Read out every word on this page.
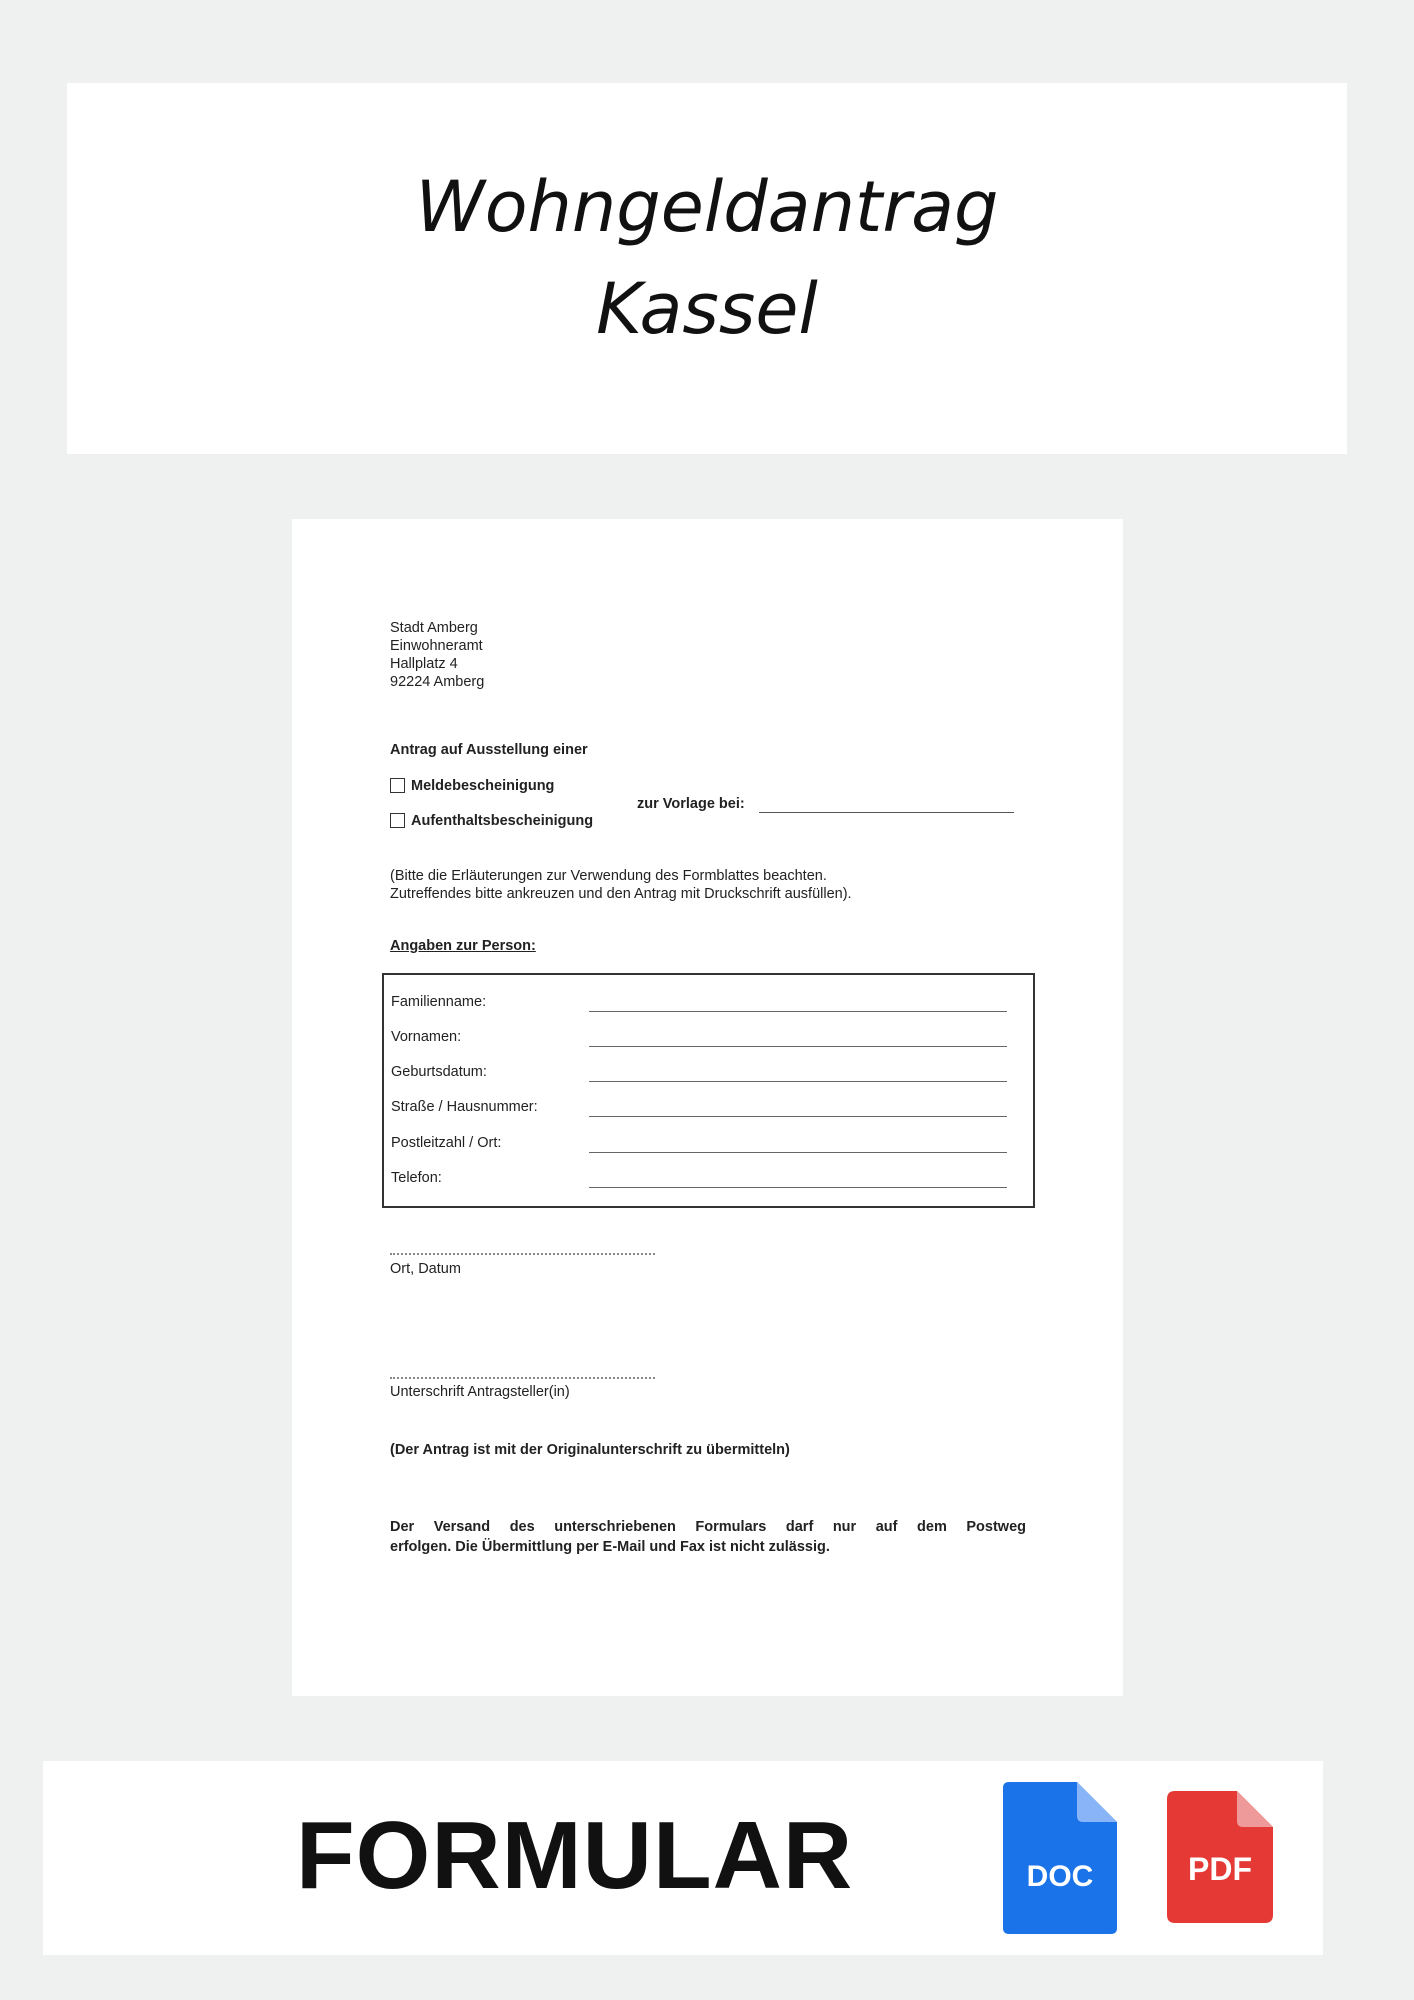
Wohngeldantrag
Kassel
Stadt Amberg
Einwohneramt
Hallplatz 4
92224 Amberg
Antrag auf Ausstellung einer
Meldebescheinigung
Aufenthaltsbescheinigung
zur Vorlage bei:
(Bitte die Erläuterungen zur Verwendung des Formblattes beachten.
Zutreffendes bitte ankreuzen und den Antrag mit Druckschrift ausfüllen).
Angaben zur Person:
Familienname:
Vornamen:
Geburtsdatum:
Straße / Hausnummer:
Postleitzahl / Ort:
Telefon:
Ort, Datum
Unterschrift Antragsteller(in)
(Der Antrag ist mit der Originalunterschrift zu übermitteln)
Der Versand des unterschriebenen Formulars darf nur auf dem Postweg
erfolgen. Die Übermittlung per E-Mail und Fax ist nicht zulässig.
FORMULAR	DOC	PDF
